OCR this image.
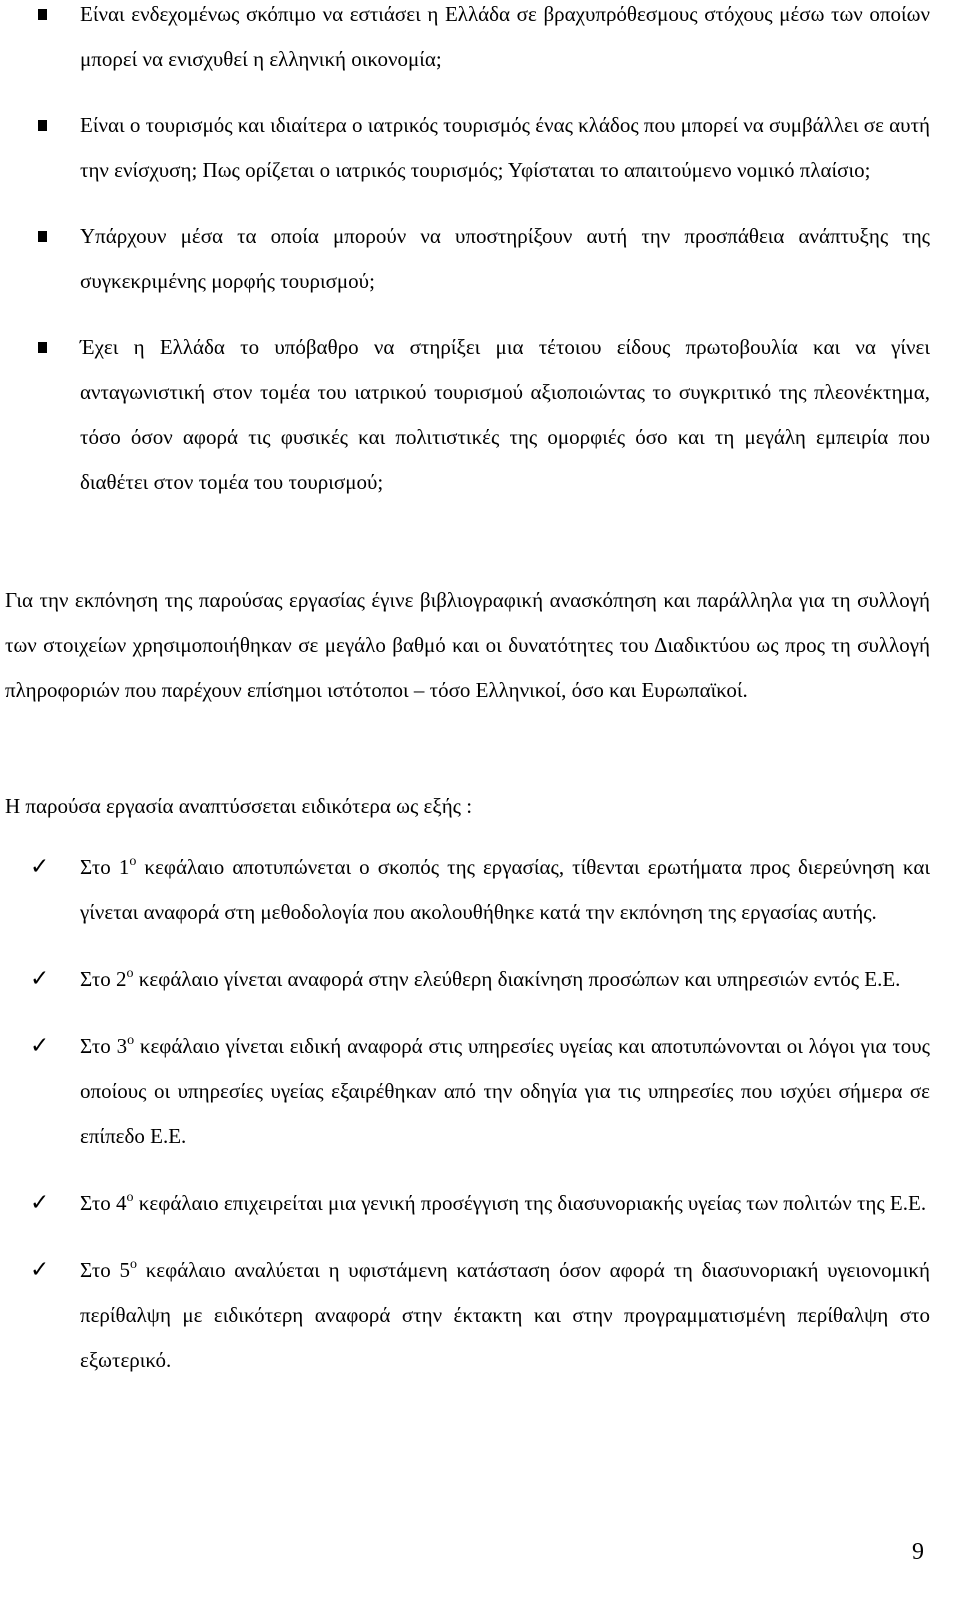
Είναι ενδεχομένως σκόπιμο να εστιάσει η Ελλάδα σε βραχυπρόθεσμους στόχους μέσω των οποίων μπορεί να ενισχυθεί η ελληνική οικονομία;

Είναι ο τουρισμός και ιδιαίτερα ο ιατρικός τουρισμός ένας κλάδος που μπορεί να συμβάλλει σε αυτή την ενίσχυση; Πως ορίζεται ο ιατρικός τουρισμός; Υφίσταται το απαιτούμενο νομικό πλαίσιο;

Υπάρχουν μέσα τα οποία μπορούν να υποστηρίξουν αυτή την προσπάθεια ανάπτυξης της συγκεκριμένης μορφής τουρισμού;

Έχει η Ελλάδα το υπόβαθρο να στηρίξει μια τέτοιου είδους πρωτοβουλία και να γίνει ανταγωνιστική στον τομέα του ιατρικού τουρισμού αξιοποιώντας το συγκριτικό της πλεονέκτημα, τόσο όσον αφορά τις φυσικές και πολιτιστικές της ομορφιές όσο και τη μεγάλη εμπειρία που διαθέτει στον τομέα του τουρισμού;

Για την εκπόνηση της παρούσας εργασίας έγινε βιβλιογραφική ανασκόπηση και παράλληλα για τη συλλογή των στοιχείων χρησιμοποιήθηκαν σε μεγάλο βαθμό και οι δυνατότητες του Διαδικτύου ως προς τη συλλογή πληροφοριών που παρέχουν επίσημοι ιστότοποι – τόσο Ελληνικοί, όσο και Ευρωπαϊκοί.

Η παρούσα εργασία αναπτύσσεται ειδικότερα ως εξής :

✓ Στο $1^o$ κεφάλαιο αποτυπώνεται ο σκοπός της εργασίας, τίθενται ερωτήματα προς διερεύνηση και γίνεται αναφορά στη μεθοδολογία που ακολουθήθηκε κατά την εκπόνηση της εργασίας αυτής.

✓ Στο $2^o$ κεφάλαιο γίνεται αναφορά στην ελεύθερη διακίνηση προσώπων και υπηρεσιών εντός Ε.Ε.

✓ Στο $3^o$ κεφάλαιο γίνεται ειδική αναφορά στις υπηρεσίες υγείας και αποτυπώνονται οι λόγοι για τους οποίους οι υπηρεσίες υγείας εξαιρέθηκαν από την οδηγία για τις υπηρεσίες που ισχύει σήμερα σε επίπεδο Ε.Ε.

✓ Στο $4^o$ κεφάλαιο επιχειρείται μια γενική προσέγγιση της διασυνοριακής υγείας των πολιτών της Ε.Ε.

✓ Στο $5^o$ κεφάλαιο αναλύεται η υφιστάμενη κατάσταση όσον αφορά τη διασυνοριακή υγειονομική περίθαλψη με ειδικότερη αναφορά στην έκτακτη και στην προγραμματισμένη περίθαλψη στο εξωτερικό.

9
